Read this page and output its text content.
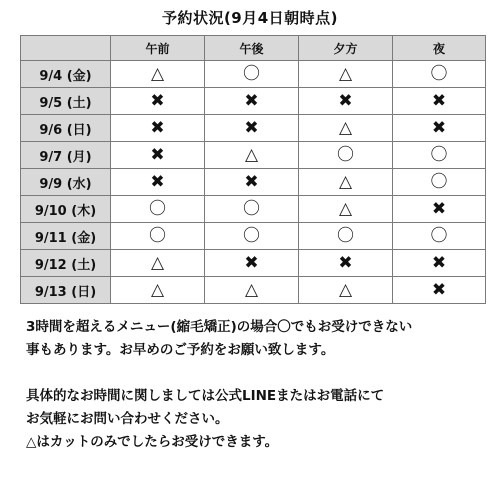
予約状況(9月4日朝時点)
	午前	午後	夕方	夜
9/4 (金)	△	〇	△	〇
9/5 (土)	✖	✖	✖	✖
9/6 (日)	✖	✖	△	✖
9/7 (月)	✖	△	〇	〇
9/9 (水)	✖	✖	△	〇
9/10 (木)	〇	〇	△	✖
9/11 (金)	〇	〇	〇	〇
9/12 (土)	△	✖	✖	✖
9/13 (日)	△	△	△	✖

3時間を超えるメニュー(縮毛矯正)の場合〇でもお受けできない

事もあります。お早めのご予約をお願い致します。

具体的なお時間に関しましては公式LINEまたはお電話にて

お気軽にお問い合わせください。

△はカットのみでしたらお受けできます。
